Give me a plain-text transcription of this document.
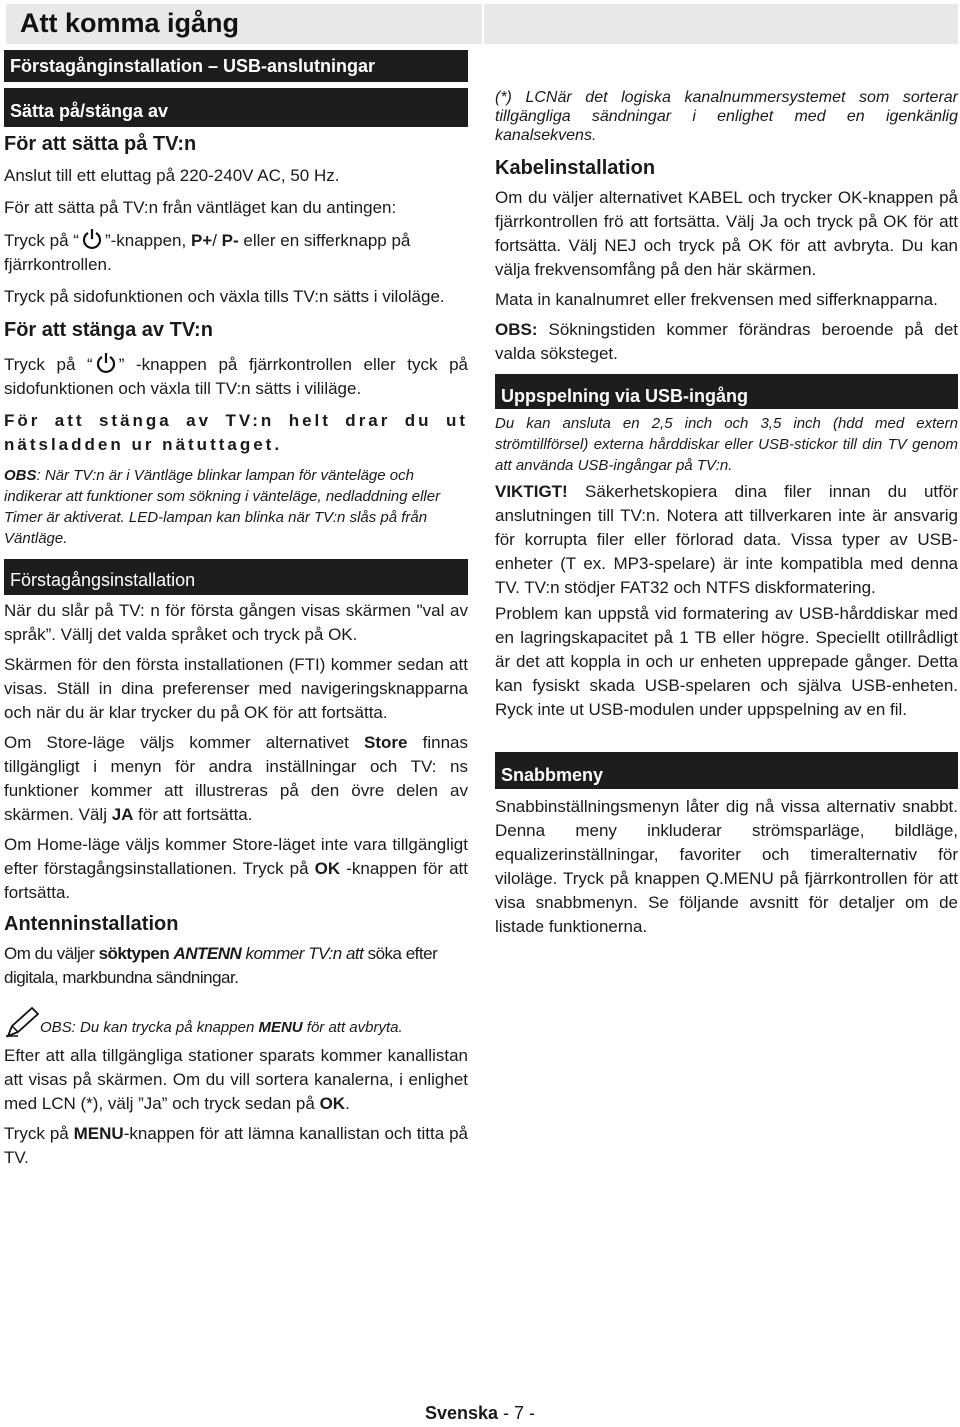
Att komma igång
Förstagånginstallation – USB-anslutningar
Sätta på/stänga av
För att sätta på TV:n

Anslut till ett eluttag på 220-240V AC, 50 Hz.

För att sätta på TV:n från väntläget kan du antingen:

Tryck på “ ”-knappen, P+/ P- eller en sifferknapp på fjärrkontrollen.

Tryck på sidofunktionen och växla tills TV:n sätts i viloläge.

För att stänga av TV:n

Tryck på “ ” -knappen på fjärrkontrollen eller tyck på sidofunktionen och växla till TV:n sätts i vililäge.

För att stänga av TV:n helt drar du ut nätsladden ur nätuttaget.

OBS: När TV:n är i Väntläge blinkar lampan för vänteläge och indikerar att funktioner som sökning i vänteläge, nedladdning eller Timer är aktiverat. LED-lampan kan blinka när TV:n slås på från Väntläge.

Förstagångsinstallation

När du slår på TV: n för första gången visas skärmen "val av språk”. Vällj det valda språket och tryck på OK.

Skärmen för den första installationen (FTI) kommer sedan att visas. Ställ in dina preferenser med navigeringsknapparna och när du är klar trycker du på OK för att fortsätta.

Om Store-läge väljs kommer alternativet Store finnas tillgängligt i menyn för andra inställningar och TV: ns funktioner kommer att illustreras på den övre delen av skärmen. Välj JA för att fortsätta.

Om Home-läge väljs kommer Store-läget inte vara tillgängligt efter förstagångsinstallationen. Tryck på OK -knappen för att fortsätta.

Antenninstallation

Om du väljer söktypen ANTENN kommer TV:n att söka efter digitala, markbundna sändningar.

OBS: Du kan trycka på knappen MENU för att avbryta.

Efter att alla tillgängliga stationer sparats kommer kanallistan att visas på skärmen. Om du vill sortera kanalerna, i enlighet med LCN (*), välj ”Ja” och tryck sedan på OK.

Tryck på MENU-knappen för att lämna kanallistan och titta på TV.

(*) LCNär det logiska kanalnummersystemet som sorterar tillgängliga sändningar i enlighet med en igenkänlig kanalsekvens.

Kabelinstallation

Om du väljer alternativet KABEL och trycker OK-knappen på fjärrkontrollen frö att fortsätta. Välj Ja och tryck på OK för att fortsätta. Välj NEJ och tryck på OK för att avbryta. Du kan välja frekvensomfång på den här skärmen.

Mata in kanalnumret eller frekvensen med sifferknapparna.

OBS: Sökningstiden kommer förändras beroende på det valda söksteget.

Uppspelning via USB-ingång

Du kan ansluta en 2,5 inch och 3,5 inch (hdd med extern strömtillförsel) externa hårddiskar eller USB-stickor till din TV genom att använda USB-ingångar på TV:n.

VIKTIGT! Säkerhetskopiera dina filer innan du utför anslutningen till TV:n. Notera att tillverkaren inte är ansvarig för korrupta filer eller förlorad data. Vissa typer av USB-enheter (T ex. MP3-spelare) är inte kompatibla med denna TV. TV:n stödjer FAT32 och NTFS diskformatering.

Problem kan uppstå vid formatering av USB-hårddiskar med en lagringskapacitet på 1 TB eller högre. Speciellt otillrådligt är det att koppla in och ur enheten upprepade gånger. Detta kan fysiskt skada USB-spelaren och själva USB-enheten. Ryck inte ut USB-modulen under uppspelning av en fil.

Snabbmeny

Snabbinställningsmenyn låter dig nå vissa alternativ snabbt. Denna meny inkluderar strömsparläge, bildläge, equalizerinställningar, favoriter och timeralternativ för viloläge. Tryck på knappen Q.MENU på fjärrkontrollen för att visa snabbmenyn. Se följande avsnitt för detaljer om de listade funktionerna.

Svenska - 7 -
